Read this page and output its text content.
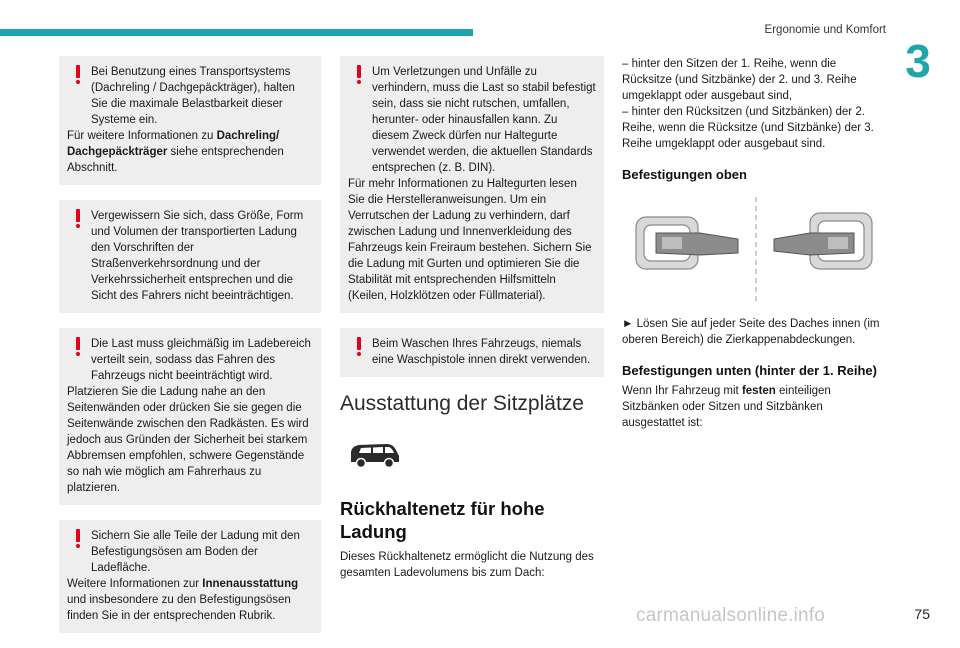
Ergonomie und Komfort
3

Bei Benutzung eines Transportsystems (Dachreling / Dachgepäckträger), halten Sie die maximale Belastbarkeit dieser Systeme ein.

Für weitere Informationen zu Dachreling/ Dachgepäckträger siehe entsprechenden Abschnitt.

Vergewissern Sie sich, dass Größe, Form und Volumen der transportierten Ladung den Vorschriften der Straßenverkehrsordnung und der Verkehrssicherheit entsprechen und die Sicht des Fahrers nicht beeinträchtigen.

Die Last muss gleichmäßig im Ladebereich verteilt sein, sodass das Fahren des Fahrzeugs nicht beeinträchtigt wird.

Platzieren Sie die Ladung nahe an den Seitenwänden oder drücken Sie sie gegen die Seitenwände zwischen den Radkästen. Es wird jedoch aus Gründen der Sicherheit bei starkem Abbremsen empfohlen, schwere Gegenstände so nah wie möglich am Fahrerhaus zu platzieren.

Sichern Sie alle Teile der Ladung mit den Befestigungsösen am Boden der Ladefläche.

Weitere Informationen zur Innenausstattung und insbesondere zu den Befestigungsösen finden Sie in der entsprechenden Rubrik.

Um Verletzungen und Unfälle zu verhindern, muss die Last so stabil befestigt sein, dass sie nicht rutschen, umfallen, herunter- oder hinausfallen kann. Zu diesem Zweck dürfen nur Haltegurte verwendet werden, die aktuellen Standards entsprechen (z. B. DIN).

Für mehr Informationen zu Haltegurten lesen Sie die Herstelleranweisungen. Um ein Verrutschen der Ladung zu verhindern, darf zwischen Ladung und Innenverkleidung des Fahrzeugs kein Freiraum bestehen. Sichern Sie die Ladung mit Gurten und optimieren Sie die Stabilität mit entsprechenden Hilfsmitteln (Keilen, Holzklötzen oder Füllmaterial).

Beim Waschen Ihres Fahrzeugs, niemals eine Waschpistole innen direkt verwenden.

Ausstattung der Sitzplätze
Rückhaltenetz für hohe Ladung

Dieses Rückhaltenetz ermöglicht die Nutzung des gesamten Ladevolumens bis zum Dach:

– hinter den Sitzen der 1. Reihe, wenn die Rücksitze (und Sitzbänke) der 2. und 3. Reihe umgeklappt oder ausgebaut sind,

– hinter den Rücksitzen (und Sitzbänken) der 2. Reihe, wenn die Rücksitze (und Sitzbänke) der 3. Reihe umgeklappt oder ausgebaut sind.

Befestigungen oben

► Lösen Sie auf jeder Seite des Daches innen (im oberen Bereich) die Zierkappenabdeckungen.

Befestigungen unten (hinter der 1. Reihe)

Wenn Ihr Fahrzeug mit festen einteiligen Sitzbänken oder Sitzen und Sitzbänken ausgestattet ist:

carmanualsonline.info	75
